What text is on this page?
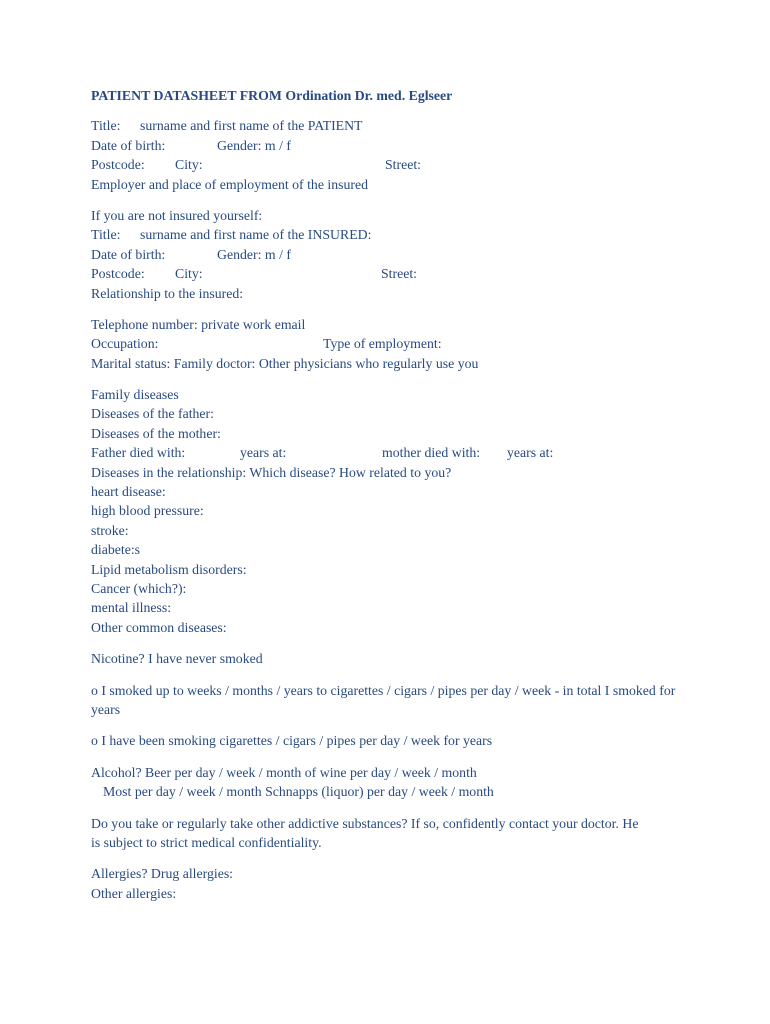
PATIENT DATASHEET FROM Ordination Dr. med. Eglseer
Title: surname and first name of the PATIENT
Date of birth:	Gender: m / f
Postcode: City:	Street:
Employer and place of employment of the insured
If you are not insured yourself:
Title: surname and first name of the INSURED:
Date of birth:	Gender: m / f
Postcode: City:	Street:
Relationship to the insured:
Telephone number: private work email
Occupation:	Type of employment:
Marital status: Family doctor: Other physicians who regularly use you
Family diseases
Diseases of the father:
Diseases of the mother:
Father died with:	years at:	mother died with: years at:
Diseases in the relationship: Which disease? How related to you?
heart disease:
high blood pressure:
stroke:
diabete:s
Lipid metabolism disorders:
Cancer (which?):
mental illness:
Other common diseases:
Nicotine? I have never smoked
o I smoked up to weeks / months / years to cigarettes / cigars / pipes per day / week - in total I smoked for years
o I have been smoking cigarettes / cigars / pipes per day / week for years
Alcohol? Beer per day / week / month of wine per day / week / month
Most per day / week / month Schnapps (liquor) per day / week / month
Do you take or regularly take other addictive substances? If so, confidently contact your doctor. He is subject to strict medical confidentiality.
Allergies? Drug allergies:
Other allergies:
